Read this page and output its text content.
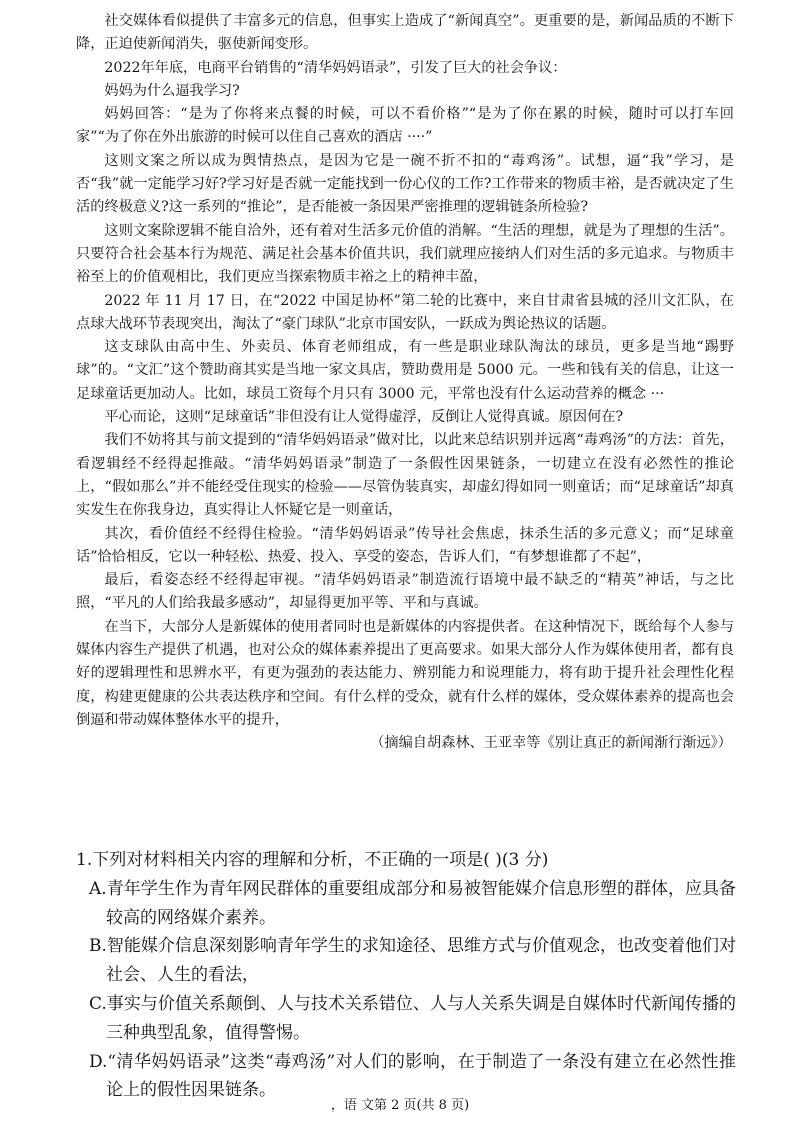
社交媒体看似提供了丰富多元的信息，但事实上造成了“新闻真空”。更重要的是，新闻品质的不断下降，正迫使新闻消失，驱使新闻变形。

2022年年底，电商平台销售的“清华妈妈语录”，引发了巨大的社会争议：

妈妈为什么逼我学习?

妈妈回答：“是为了你将来点餐的时候，可以不看价格”“是为了你在累的时候，随时可以打车回家”“为了你在外出旅游的时候可以住自己喜欢的酒店 ····”

这则文案之所以成为舆情热点，是因为它是一碗不折不扣的“毒鸡汤”。试想，逼“我”学习，是否“我”就一定能学习好?学习好是否就一定能找到一份心仪的工作?工作带来的物质丰裕，是否就决定了生活的终极意义?这一系列的“推论”，是否能被一条因果严密推理的逻辑链条所检验?

这则文案除逻辑不能自洽外，还有着对生活多元价值的消解。“生活的理想，就是为了理想的生活”。只要符合社会基本行为规范、满足社会基本价值共识，我们就理应接纳人们对生活的多元追求。与物质丰裕至上的价值观相比，我们更应当探索物质丰裕之上的精神丰盈，

2022 年 11 月 17 日，在“2022 中国足协杯”第二轮的比赛中，来自甘肃省县城的泾川文汇队，在点球大战环节表现突出，淘汰了“豪门球队”北京市国安队，一跃成为舆论热议的话题。

这支球队由高中生、外卖员、体育老师组成，有一些是职业球队淘汰的球员，更多是当地“踢野球”的。“文汇”这个赞助商其实是当地一家文具店，赞助费用是 5000 元。一些和钱有关的信息，让这一足球童话更加动人。比如，球员工资每个月只有 3000 元，平常也没有什么运动营养的概念 ···

平心而论，这则“足球童话”非但没有让人觉得虚浮，反倒让人觉得真诚。原因何在?

我们不妨将其与前文提到的“清华妈妈语录”做对比，以此来总结识别并远离“毒鸡汤”的方法：首先，看逻辑经不经得起推敲。“清华妈妈语录”制造了一条假性因果链条，一切建立在没有必然性的推论上，“假如那么”并不能经受住现实的检验——尽管伪装真实，却虚幻得如同一则童话；而“足球童话”却真实发生在你我身边，真实得让人怀疑它是一则童话，

其次，看价值经不经得住检验。“清华妈妈语录”传导社会焦虑，抹杀生活的多元意义；而“足球童话”恰恰相反，它以一种轻松、热爱、投入、享受的姿态，告诉人们，“有梦想谁都了不起”，

最后，看姿态经不经得起审视。“清华妈妈语录”制造流行语境中最不缺乏的“精英”神话，与之比照，“平凡的人们给我最多感动”，却显得更加平等、平和与真诚。

在当下，大部分人是新媒体的使用者同时也是新媒体的内容提供者。在这种情况下，既给每个人参与媒体内容生产提供了机遇，也对公众的媒体素养提出了更高要求。如果大部分人作为媒体使用者，都有良好的逻辑理性和思辨水平，有更为强劲的表达能力、辨别能力和说理能力，将有助于提升社会理性化程度，构建更健康的公共表达秩序和空间。有什么样的受众，就有什么样的媒体，受众媒体素养的提高也会倒逼和带动媒体整体水平的提升，

（摘编自胡森林、王亚幸等《别让真正的新闻渐行渐远》）

1.下列对材料相关内容的理解和分析，不正确的一项是( )(3 分)

A.青年学生作为青年网民群体的重要组成部分和易被智能媒介信息形塑的群体，应具备较高的网络媒介素养。

B.智能媒介信息深刻影响青年学生的求知途径、思维方式与价值观念，也改变着他们对社会、人生的看法，

C.事实与价值关系颠倒、人与技术关系错位、人与人关系失调是自媒体时代新闻传播的三种典型乱象，值得警惕。

D.“清华妈妈语录”这类“毒鸡汤”对人们的影响，在于制造了一条没有建立在必然性推论上的假性因果链条。

，语 文第 2 页(共 8 页)
